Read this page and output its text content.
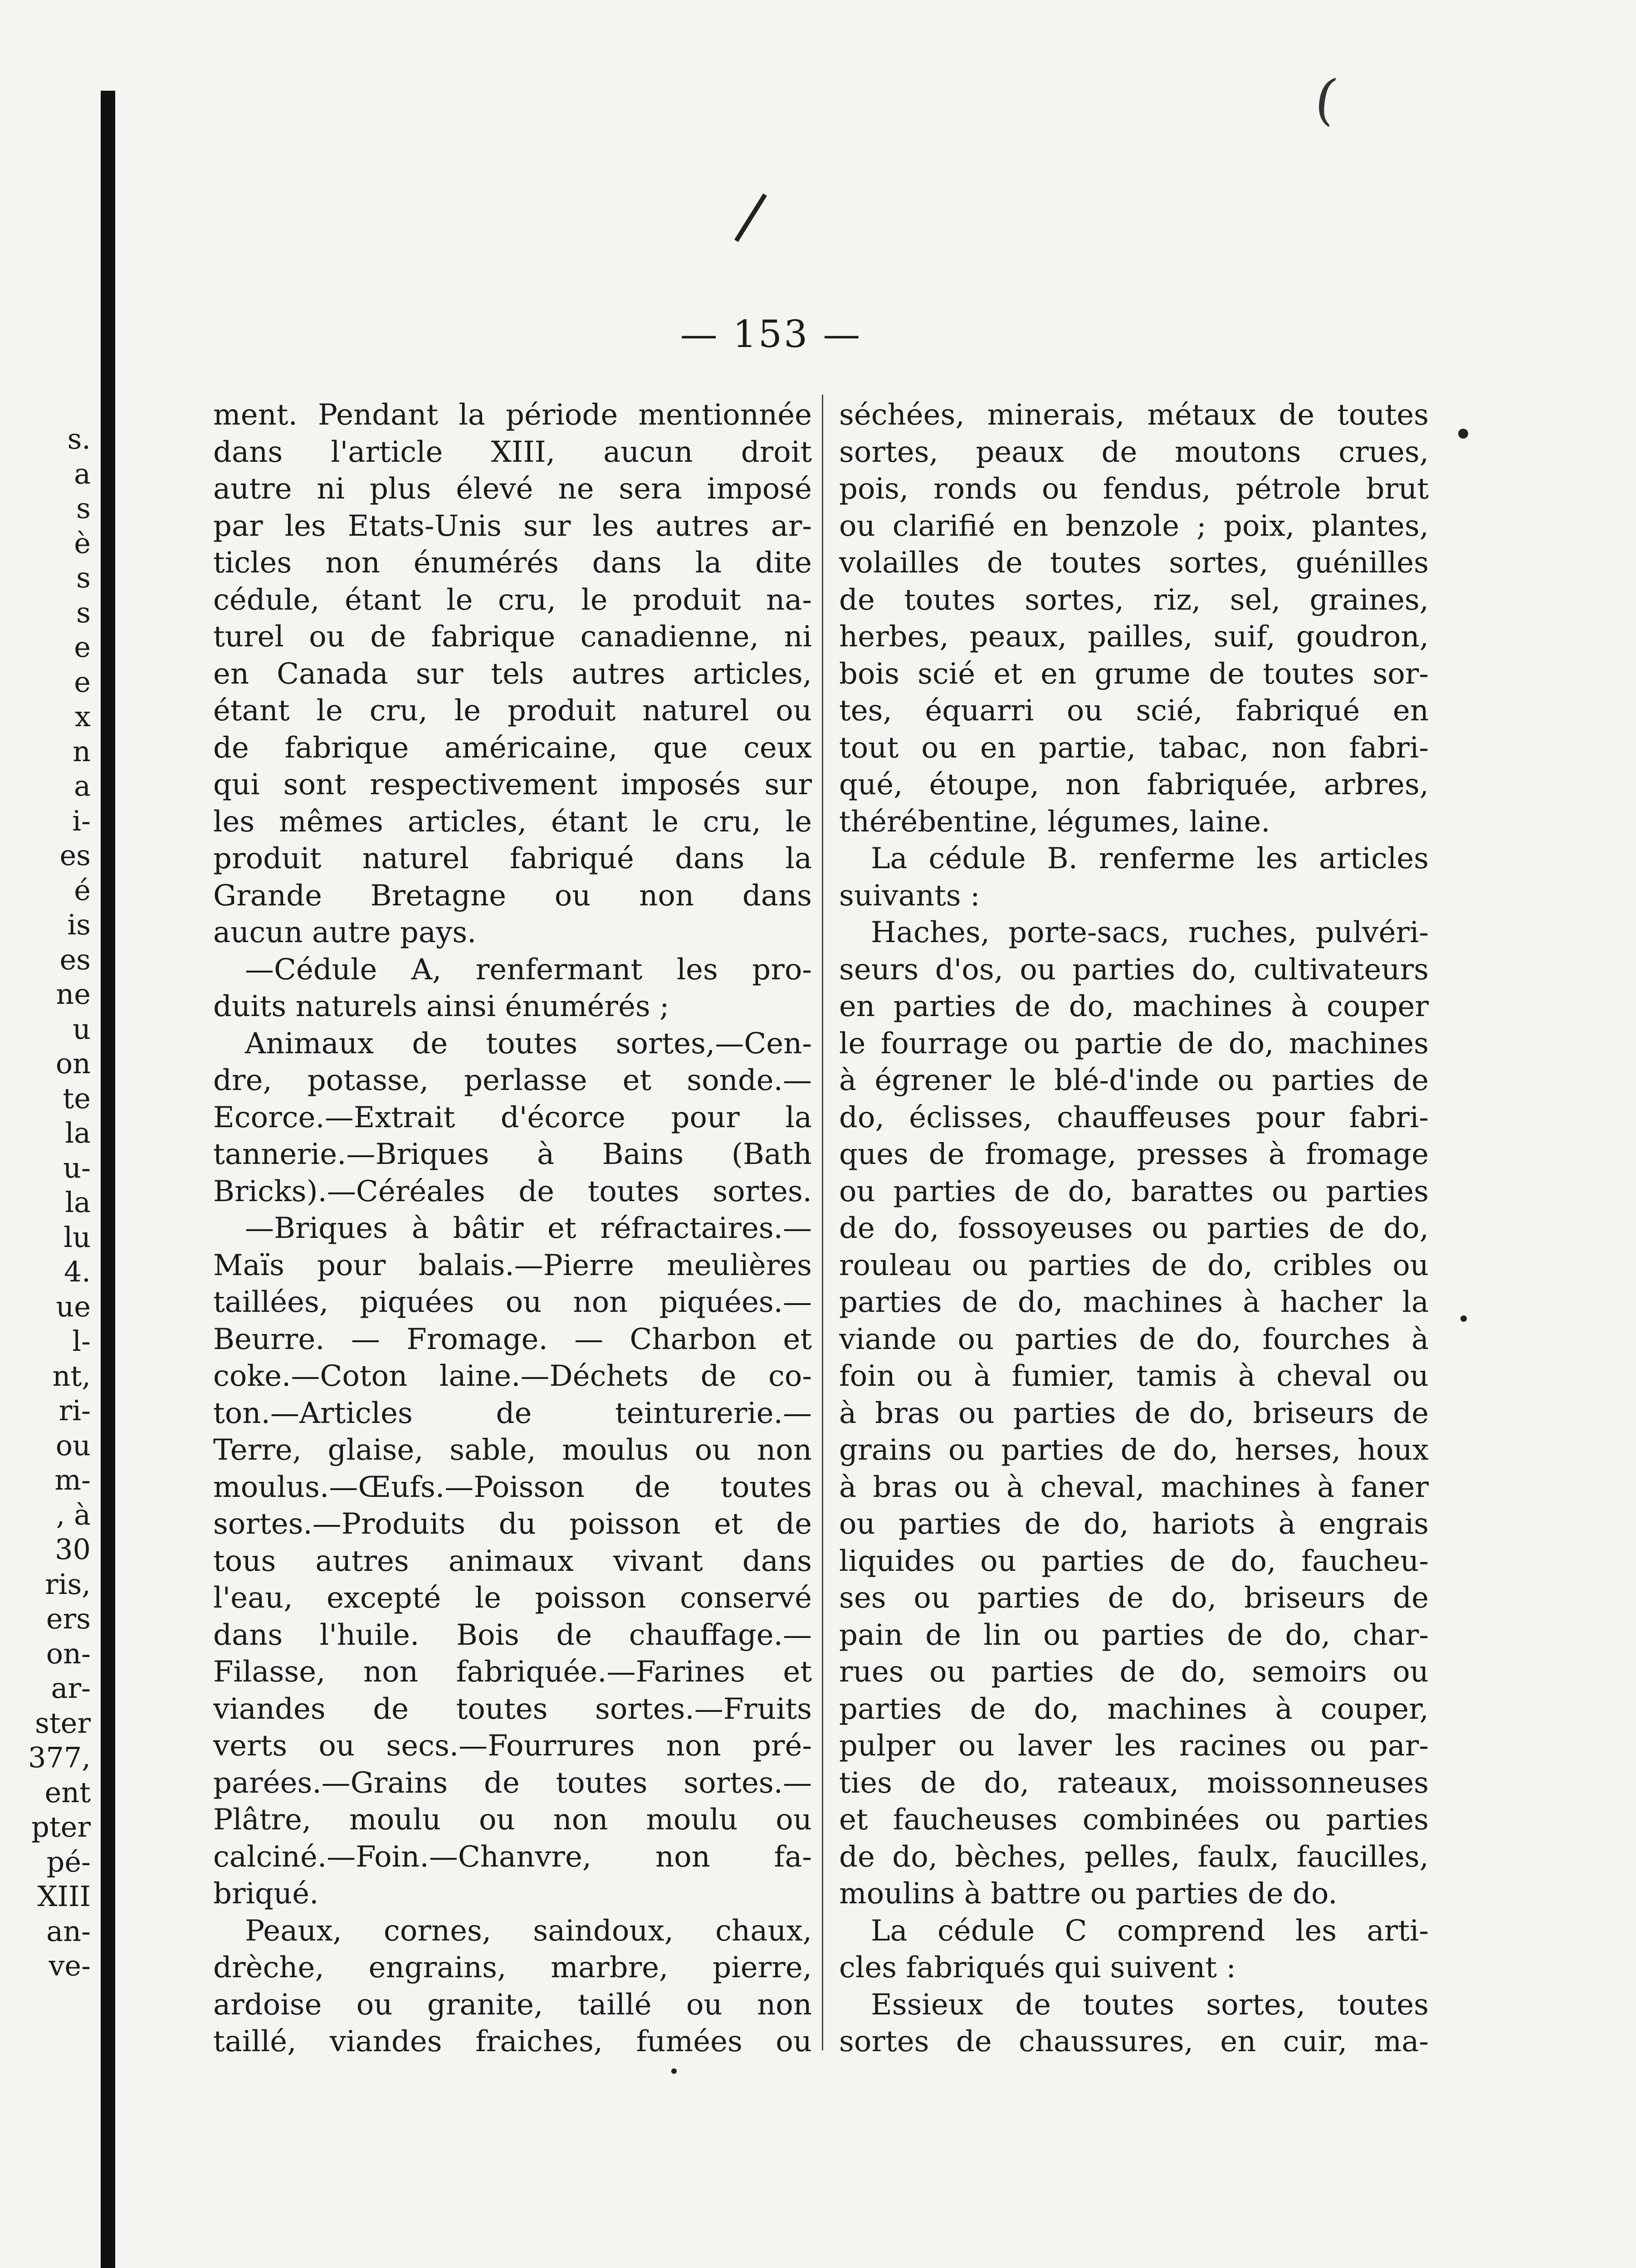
s.
a
s
è
s
s
e
e
x
n
a
i-
es
é
is
es
ne
u
on
te
la
u-
la
lu
4.
ue
l-
nt,
ri-
ou
m-
, à
30
ris,
ers
on-
ar-
ster
377,
ent
pter
pé-
XIII
an-
ve-
(
— 153 —
ment. Pendant la période mentionnée
dans l'article XIII, aucun droit
autre ni plus élevé ne sera imposé
par les Etats-Unis sur les autres ar-
ticles non énumérés dans la dite
cédule, étant le cru, le produit na-
turel ou de fabrique canadienne, ni
en Canada sur tels autres articles,
étant le cru, le produit naturel ou
de fabrique américaine, que ceux
qui sont respectivement imposés sur
les mêmes articles, étant le cru, le
produit naturel fabriqué dans la
Grande Bretagne ou non dans
aucun autre pays.
—Cédule A, renfermant les pro-
duits naturels ainsi énumérés ;
Animaux de toutes sortes,—Cen-
dre, potasse, perlasse et sonde.—
Ecorce.—Extrait d'écorce pour la
tannerie.—Briques à Bains (Bath
Bricks).—Céréales de toutes sortes.
—Briques à bâtir et réfractaires.—
Maïs pour balais.—Pierre meulières
taillées, piquées ou non piquées.—
Beurre. — Fromage. — Charbon et
coke.—Coton laine.—Déchets de co-
ton.—Articles de teinturerie.—
Terre, glaise, sable, moulus ou non
moulus.—Œufs.—Poisson de toutes
sortes.—Produits du poisson et de
tous autres animaux vivant dans
l'eau, excepté le poisson conservé
dans l'huile. Bois de chauffage.—
Filasse, non fabriquée.—Farines et
viandes de toutes sortes.—Fruits
verts ou secs.—Fourrures non pré-
parées.—Grains de toutes sortes.—
Plâtre, moulu ou non moulu ou
calciné.—Foin.—Chanvre, non fa-
briqué.
Peaux, cornes, saindoux, chaux,
drèche, engrains, marbre, pierre,
ardoise ou granite, taillé ou non
taillé, viandes fraiches, fumées ou
séchées, minerais, métaux de toutes
sortes, peaux de moutons crues,
pois, ronds ou fendus, pétrole brut
ou clarifié en benzole ; poix, plantes,
volailles de toutes sortes, guénilles
de toutes sortes, riz, sel, graines,
herbes, peaux, pailles, suif, goudron,
bois scié et en grume de toutes sor-
tes, équarri ou scié, fabriqué en
tout ou en partie, tabac, non fabri-
qué, étoupe, non fabriquée, arbres,
thérébentine, légumes, laine.
La cédule B. renferme les articles
suivants :
Haches, porte-sacs, ruches, pulvéri-
seurs d'os, ou parties do, cultivateurs
en parties de do, machines à couper
le fourrage ou partie de do, machines
à égrener le blé-d'inde ou parties de
do, éclisses, chauffeuses pour fabri-
ques de fromage, presses à fromage
ou parties de do, barattes ou parties
de do, fossoyeuses ou parties de do,
rouleau ou parties de do, cribles ou
parties de do, machines à hacher la
viande ou parties de do, fourches à
foin ou à fumier, tamis à cheval ou
à bras ou parties de do, briseurs de
grains ou parties de do, herses, houx
à bras ou à cheval, machines à faner
ou parties de do, hariots à engrais
liquides ou parties de do, faucheu-
ses ou parties de do, briseurs de
pain de lin ou parties de do, char-
rues ou parties de do, semoirs ou
parties de do, machines à couper,
pulper ou laver les racines ou par-
ties de do, rateaux, moissonneuses
et faucheuses combinées ou parties
de do, bèches, pelles, faulx, faucilles,
moulins à battre ou parties de do.
La cédule C comprend les arti-
cles fabriqués qui suivent :
Essieux de toutes sortes, toutes
sortes de chaussures, en cuir, ma-
